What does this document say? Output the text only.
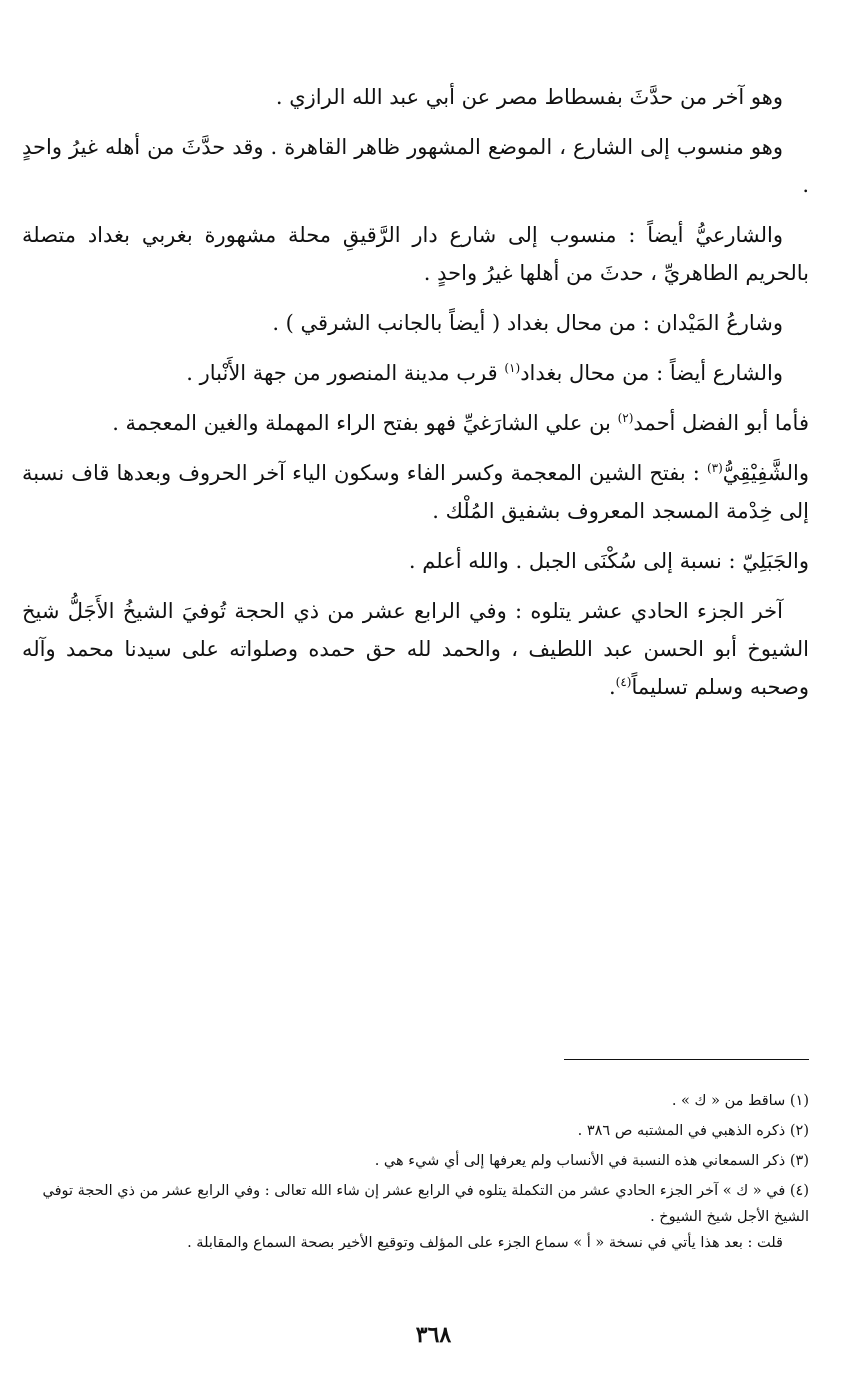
وهو آخر من حدَّثَ بفسطاط مصر عن أبي عبد الله الرازي .

وهو منسوب إلى الشارع ، الموضع المشهور ظاهر القاهرة . وقد حدَّثَ من أهله غيرُ واحدٍ .

والشارعيُّ أيضاً : منسوب إلى شارع دار الرَّقيقِ محلة مشهورة بغربي بغداد متصلة بالحريم الطاهريِّ ، حدثَ من أهلها غيرُ واحدٍ .

وشارعُ المَيْدان : من محال بغداد ( أيضاً بالجانب الشرقي ) .

والشارع أيضاً : من محال بغداد$^{(١)}$ قرب مدينة المنصور من جهة الأَنْبار .

فأما أبو الفضل أحمد$^{(٢)}$ بن علي الشارَغيِّ فهو بفتح الراء المهملة والغين المعجمة .

والشَّفِيْقِيُّ$^{(٣)}$ : بفتح الشين المعجمة وكسر الفاء وسكون الياء آخر الحروف وبعدها قاف نسبة إلى خِدْمة المسجد المعروف بشفيق المُلْك .

والجَبَلِيّ : نسبة إلى سُكْنَى الجبل . والله أعلم .

آخر الجزء الحادي عشر يتلوه : وفي الرابع عشر من ذي الحجة تُوفيَ الشيخُ الأَجَلُّ شيخ الشيوخ أبو الحسن عبد اللطيف ، والحمد لله حق حمده وصلواته على سيدنا محمد وآله وصحبه وسلم تسليماً$^{(٤)}$.

(١) ساقط من « ك » .
(٢) ذكره الذهبي في المشتبه ص ٣٨٦ .
(٣) ذكر السمعاني هذه النسبة في الأنساب ولم يعرفها إلى أي شيء هي .
(٤) في « ك » آخر الجزء الحادي عشر من التكملة يتلوه في الرابع عشر إن شاء الله تعالى : وفي الرابع عشر من ذي الحجة توفي الشيخ الأجل شيخ الشيوخ .
قلت : بعد هذا يأتي في نسخة « أ » سماع الجزء على المؤلف وتوقيع الأخير بصحة السماع والمقابلة .
٣٦٨
